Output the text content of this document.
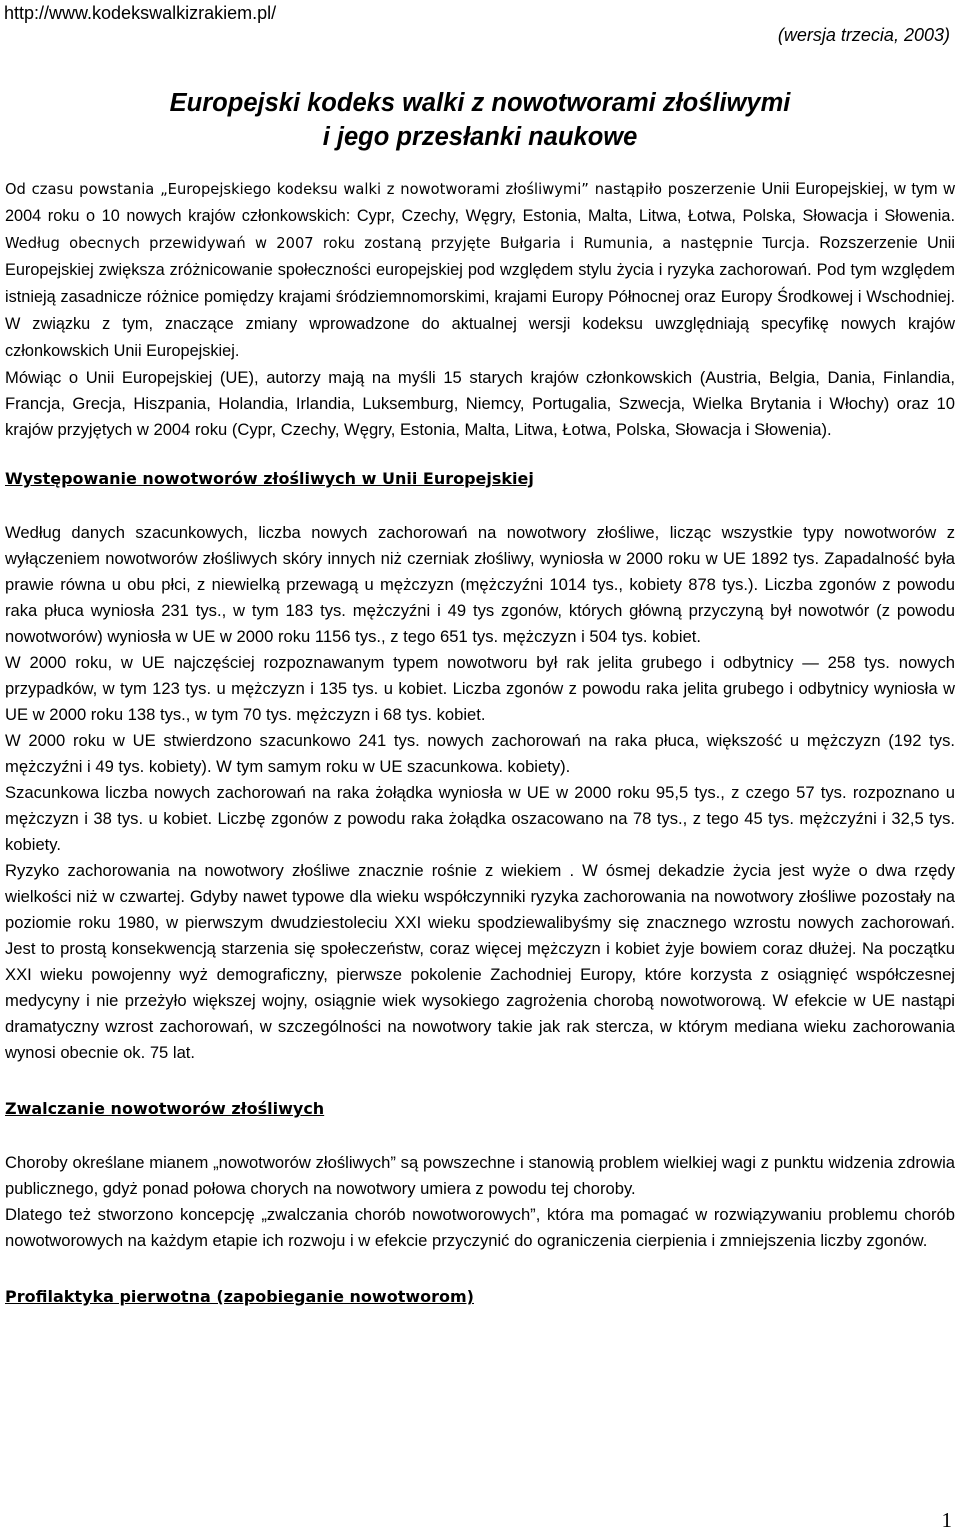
http://www.kodekswalkizrakiem.pl/
(wersja trzecia, 2003)
Europejski kodeks walki z nowotworami złośliwymi
i jego przesłanki naukowe

Od czasu powstania „Europejskiego kodeksu walki z nowotworami złośliwymi” nastąpiło poszerzenie Unii Europejskiej, w tym w 2004 roku o 10 nowych krajów członkowskich: Cypr, Czechy, Węgry, Estonia, Malta, Litwa, Łotwa, Polska, Słowacja i Słowenia. Według obecnych przewidywań w 2007 roku zostaną przyjęte Bułgaria i Rumunia, a następnie Turcja. Rozszerzenie Unii Europejskiej zwiększa zróżnicowanie społeczności europejskiej pod względem stylu życia i ryzyka zachorowań. Pod tym względem istnieją zasadnicze różnice pomiędzy krajami śródziemnomorskimi, krajami Europy Północnej oraz Europy Środkowej i Wschodniej. W związku z tym, znaczące zmiany wprowadzone do aktualnej wersji kodeksu uwzględniają specyfikę nowych krajów członkowskich Unii Europejskiej.

Mówiąc o Unii Europejskiej (UE), autorzy mają na myśli 15 starych krajów członkowskich (Austria, Belgia, Dania, Finlandia, Francja, Grecja, Hiszpania, Holandia, Irlandia, Luksemburg, Niemcy, Portugalia, Szwecja, Wielka Brytania i Włochy) oraz 10 krajów przyjętych w 2004 roku (Cypr, Czechy, Węgry, Estonia, Malta, Litwa, Łotwa, Polska, Słowacja i Słowenia).

Występowanie nowotworów złośliwych w Unii Europejskiej

Według danych szacunkowych, liczba nowych zachorowań na nowotwory złośliwe, licząc wszystkie typy nowotworów z wyłączeniem nowotworów złośliwych skóry innych niż czerniak złośliwy, wyniosła w 2000 roku w UE 1892 tys. Zapadalność była prawie równa u obu płci, z niewielką przewagą u mężczyzn (mężczyźni 1014 tys., kobiety 878 tys.). Liczba zgonów z powodu raka płuca wyniosła 231 tys., w tym 183 tys. mężczyźni i 49 tys zgonów, których główną przyczyną był nowotwór (z powodu nowotworów) wyniosła w UE w 2000 roku 1156 tys., z tego 651 tys. mężczyzn i 504 tys. kobiet.

W 2000 roku, w UE najczęściej rozpoznawanym typem nowotworu był rak jelita grubego i odbytnicy — 258 tys. nowych przypadków, w tym 123 tys. u mężczyzn i 135 tys. u kobiet. Liczba zgonów z powodu raka jelita grubego i odbytnicy wyniosła w UE w 2000 roku 138 tys., w tym 70 tys. mężczyzn i 68 tys. kobiet.

W 2000 roku w UE stwierdzono szacunkowo 241 tys. nowych zachorowań na raka płuca, większość u mężczyzn (192 tys. mężczyźni i 49 tys. kobiety). W tym samym roku w UE szacunkowa. kobiety).

Szacunkowa liczba nowych zachorowań na raka żołądka wyniosła w UE w 2000 roku 95,5 tys., z czego 57 tys. rozpoznano u mężczyzn i 38 tys. u kobiet. Liczbę zgonów z powodu raka żołądka oszacowano na 78 tys., z tego 45 tys. mężczyźni i 32,5 tys. kobiety.

Ryzyko zachorowania na nowotwory złośliwe znacznie rośnie z wiekiem . W ósmej dekadzie życia jest wyże o dwa rzędy wielkości niż w czwartej. Gdyby nawet typowe dla wieku współczynniki ryzyka zachorowania na nowotwory złośliwe pozostały na poziomie roku 1980, w pierwszym dwudziestoleciu XXI wieku spodziewalibyśmy się znacznego wzrostu nowych zachorowań. Jest to prostą konsekwencją starzenia się społeczeństw, coraz więcej mężczyzn i kobiet żyje bowiem coraz dłużej. Na początku XXI wieku powojenny wyż demograficzny, pierwsze pokolenie Zachodniej Europy, które korzysta z osiągnięć współczesnej medycyny i nie przeżyło większej wojny, osiągnie wiek wysokiego zagrożenia chorobą nowotworową. W efekcie w UE nastąpi dramatyczny wzrost zachorowań, w szczególności na nowotwory takie jak rak stercza, w którym mediana wieku zachorowania wynosi obecnie ok. 75 lat.

Zwalczanie nowotworów złośliwych

Choroby określane mianem „nowotworów złośliwych” są powszechne i stanowią problem wielkiej wagi z punktu widzenia zdrowia publicznego, gdyż ponad połowa chorych na nowotwory umiera z powodu tej choroby.

Dlatego też stworzono koncepcję „zwalczania chorób nowotworowych”, która ma pomagać w rozwiązywaniu problemu chorób nowotworowych na każdym etapie ich rozwoju i w efekcie przyczynić do ograniczenia cierpienia i zmniejszenia liczby zgonów.

Profilaktyka pierwotna (zapobieganie nowotworom)
1
